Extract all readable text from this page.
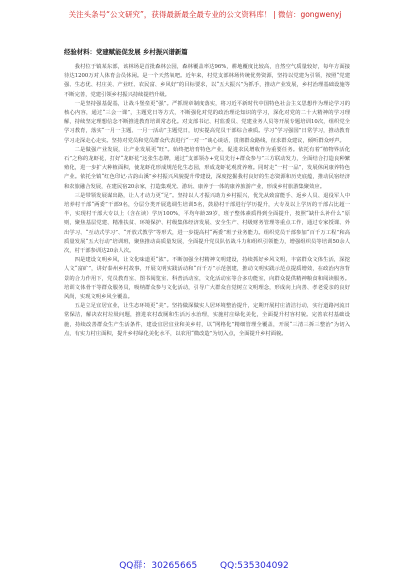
关注头条号“公文研究”，获得最新最全最专业的公文资料库！ | 微信：gongwenyj

经验材料：党建赋能促发展 乡村振兴谱新篇

我村位于镇某东部，该林场是首批森林公园，森林覆盖率达96%，耕地覆度比较高，自然空气质量较好，每年方面接待达1200万对人体育会员休闲。是一个天然氧吧。近年来，村党支部林场传统优势资源，坚持以党建为引领，按照“党建强、生态优、村庄美、产业旺、农民富、乡风好”的目标要求，以“五大振兴”为抓手，推动产业发展，乡村治理基础设施等不断完善，党建引领乡村振兴持续提档升级。

一是坚持强基促基，让战斗堡垒更“强”。严抓规章制度落实，将习近平新时代中国特色社会主义思想作为理论学习的核心内容，通过“三会一课”，主题党日等方式，不断强化对党的政治理论知识的学习，深化对党的二十大精神的学习理解，持续坚定理想信念不断推进教育培训常态化。对支部书记、村监委员、党建业务人员等开展专题培训10次，组织党全学习教育，落实“一月一主题、一月一活动”主题党日，切实提高党员干部综合素质。学习“学习强国”日常学习，推动教育学习走深走心走实。坚持对党员和党员群众代表进行“一对一”谈心谈话，贯彻群众路线，征求群众建议，倾听群众呼声。

二是做强产业发展，让产业发展更“旺”。始终把培育特色产业，促进农民增收作为重要任务。依托有着“植物界活化石”之称的龙虾花，打好“龙虾花”这张生态牌，通过“支部领办+党员先行+群众参与”三方联动发力，全面结合打造良种繁殖化，进一步扩大种植面积，使龙虾花形成规范化生态园，形成龙虾花观赏养殖。同时走“一村一品”，发展休闲康养特色产业。依托全镇“红色印记·古韵山溪”乡村振兴风貌提升带建设，深度挖掘我村良好的生态资源和历史底蕴，推动民宿经济和农旅融合发展，在建民宿20余家，打造集观光、游玩、康养于一体的康养旅游产业，形成乡村旅游集聚效应。

三是带领发展谋出路，让人才动力更“足”。坚持以人才振兴助力乡村振兴，优先从致富能手、返乡人员、退役军人中培养村干部“两委”干部9名，分层分类开展选调生培训5名，鼓励村干部进行学历提升，大专及以上学历的干部占比超一半，实现村干部大专以上（含在读）学历100%，平均年龄39岁，班子整体素质得到全面提升，按照“缺什么补什么”原则，聚焦基层党建、精准扶贫、环境保护、村级集体经济发展、安全生产、村级财务管理等重点工作，通过专家授课、外出学习、“互动式学习”、“开放式教学”等形式，进一步提高村“两委”班子业务能力。组织党员干部参加“百千万工程”和高质量发展“五大行动”培训班，聚焦推动高质量发展，全面提升党员队伍战斗力和组织引领能力，增强组织员等培训50余人次，村干部参训达20余人次。

四是建设文明乡风，让文化味道更“浓”。不断加强全村精神文明建设，持续抓好乡风文明，丰富群众文体生活，深挖人文“富矿”，讲好泰州乡村故事，开展文明实践活动和“百千万”示范创建，推动文明实践示范点提质增效，在政治内容背景的合力作用下，党员教育室、图书阅览室、科普活动室，文化活动室等合多功能室，向群众提供精神粮食和阅读服务。培训文体骨干等群众服务员，吸纳群众参与文化活动，引导广大群众自觉树立文明理念，形成向上向善、孝老爱亲的良好风尚，实现文明乡风全覆盖。

五是立足宜居宜业，让生态环境更“美”。坚持做深做实人居环境整治提升，定期开展村庄清洁行动，实行道路河流日常保洁，解决农村垃圾问题，推进农村改厕和生活污水治理，实施村庄绿化美化，全面提升村容村貌。完善农村基础设施，持续改善群众生产生活条件，建设宜居宜业和美乡村，以“网格化”精细管理全覆盖，开展“三清三拆三整治”为切入点，有实力村庄面积，提升乡村绿化美化水平，以农用“微改造”为切入点，全面提升乡村面貌。

QQ群：30265665	QQ:535304092
